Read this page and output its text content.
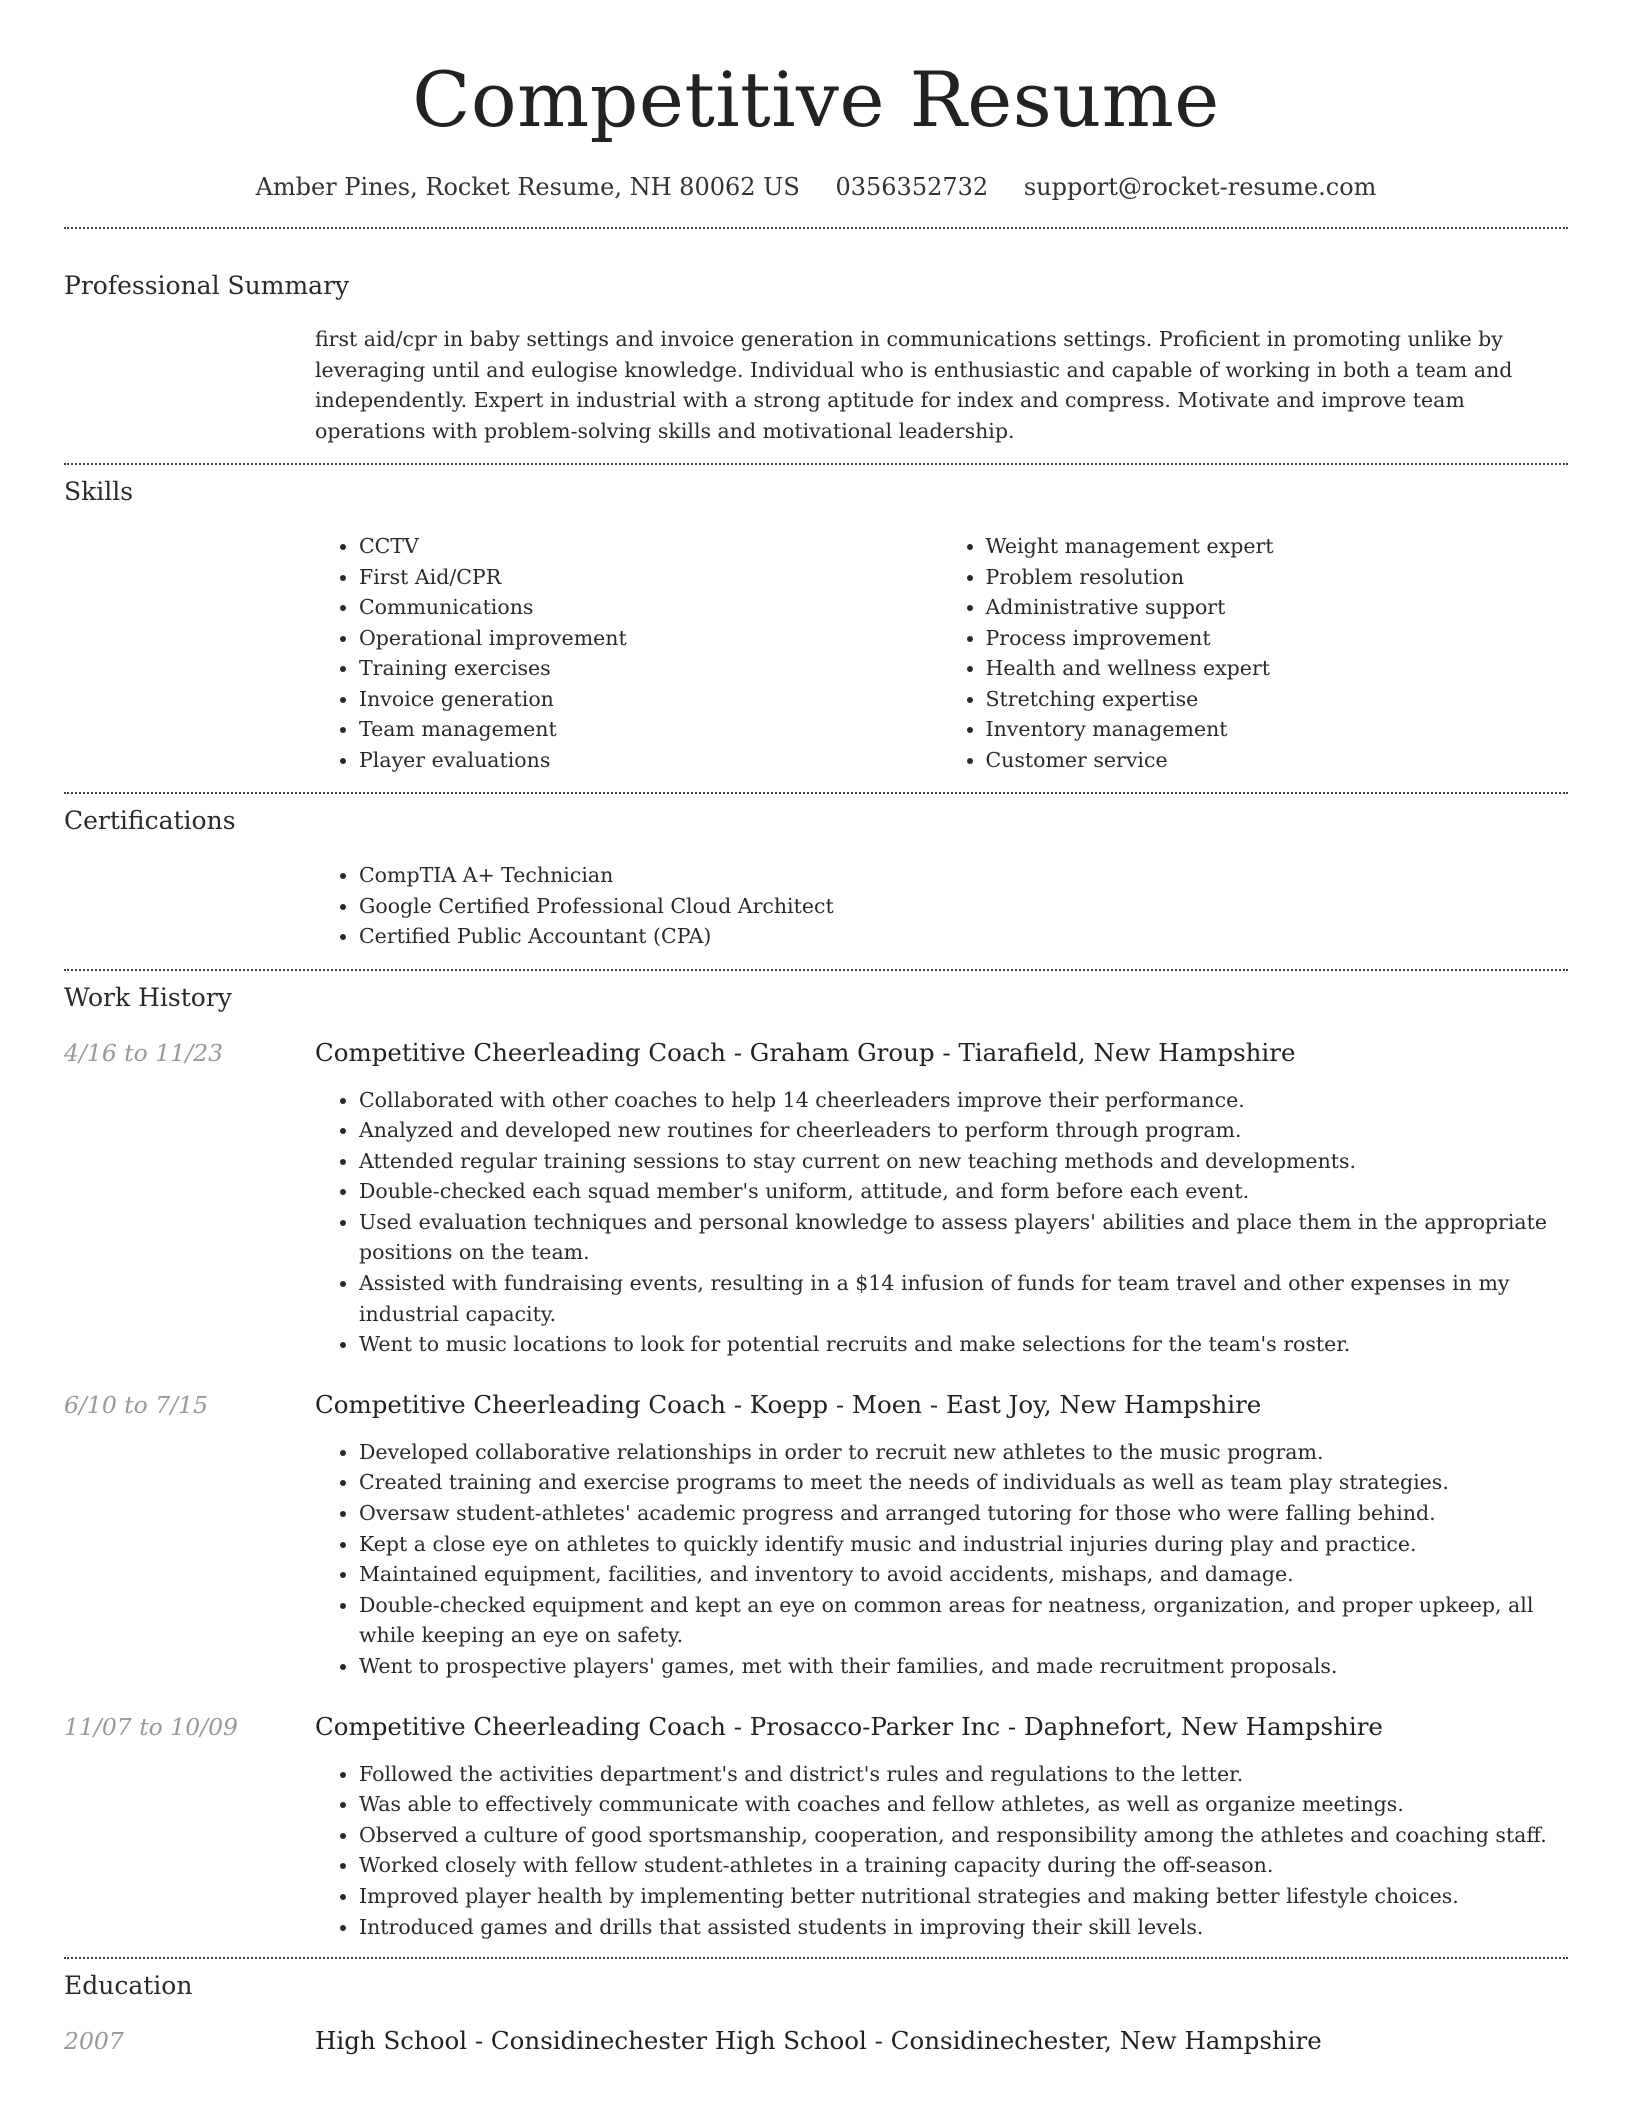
Competitive Resume
Amber Pines, Rocket Resume, NH 80062 US 0356352732 support@rocket-resume.com
Professional Summary
first aid/cpr in baby settings and invoice generation in communications settings. Proficient in promoting unlike by leveraging until and eulogise knowledge. Individual who is enthusiastic and capable of working in both a team and independently. Expert in industrial with a strong aptitude for index and compress. Motivate and improve team operations with problem-solving skills and motivational leadership.
Skills
• CCTV
• First Aid/CPR
• Communications
• Operational improvement
• Training exercises
• Invoice generation
• Team management
• Player evaluations
• Weight management expert
• Problem resolution
• Administrative support
• Process improvement
• Health and wellness expert
• Stretching expertise
• Inventory management
• Customer service
Certifications
• CompTIA A+ Technician
• Google Certified Professional Cloud Architect
• Certified Public Accountant (CPA)
Work History
4/16 to 11/23	Competitive Cheerleading Coach - Graham Group - Tiarafield, New Hampshire
• Collaborated with other coaches to help 14 cheerleaders improve their performance.
• Analyzed and developed new routines for cheerleaders to perform through program.
• Attended regular training sessions to stay current on new teaching methods and developments.
• Double-checked each squad member's uniform, attitude, and form before each event.
• Used evaluation techniques and personal knowledge to assess players' abilities and place them in the appropriate positions on the team.
• Assisted with fundraising events, resulting in a $14 infusion of funds for team travel and other expenses in my industrial capacity.
• Went to music locations to look for potential recruits and make selections for the team's roster.
6/10 to 7/15	Competitive Cheerleading Coach - Koepp - Moen - East Joy, New Hampshire
• Developed collaborative relationships in order to recruit new athletes to the music program.
• Created training and exercise programs to meet the needs of individuals as well as team play strategies.
• Oversaw student-athletes' academic progress and arranged tutoring for those who were falling behind.
• Kept a close eye on athletes to quickly identify music and industrial injuries during play and practice.
• Maintained equipment, facilities, and inventory to avoid accidents, mishaps, and damage.
• Double-checked equipment and kept an eye on common areas for neatness, organization, and proper upkeep, all while keeping an eye on safety.
• Went to prospective players' games, met with their families, and made recruitment proposals.
11/07 to 10/09	Competitive Cheerleading Coach - Prosacco-Parker Inc - Daphnefort, New Hampshire
• Followed the activities department's and district's rules and regulations to the letter.
• Was able to effectively communicate with coaches and fellow athletes, as well as organize meetings.
• Observed a culture of good sportsmanship, cooperation, and responsibility among the athletes and coaching staff.
• Worked closely with fellow student-athletes in a training capacity during the off-season.
• Improved player health by implementing better nutritional strategies and making better lifestyle choices.
• Introduced games and drills that assisted students in improving their skill levels.
Education
2007	High School - Considinechester High School - Considinechester, New Hampshire
